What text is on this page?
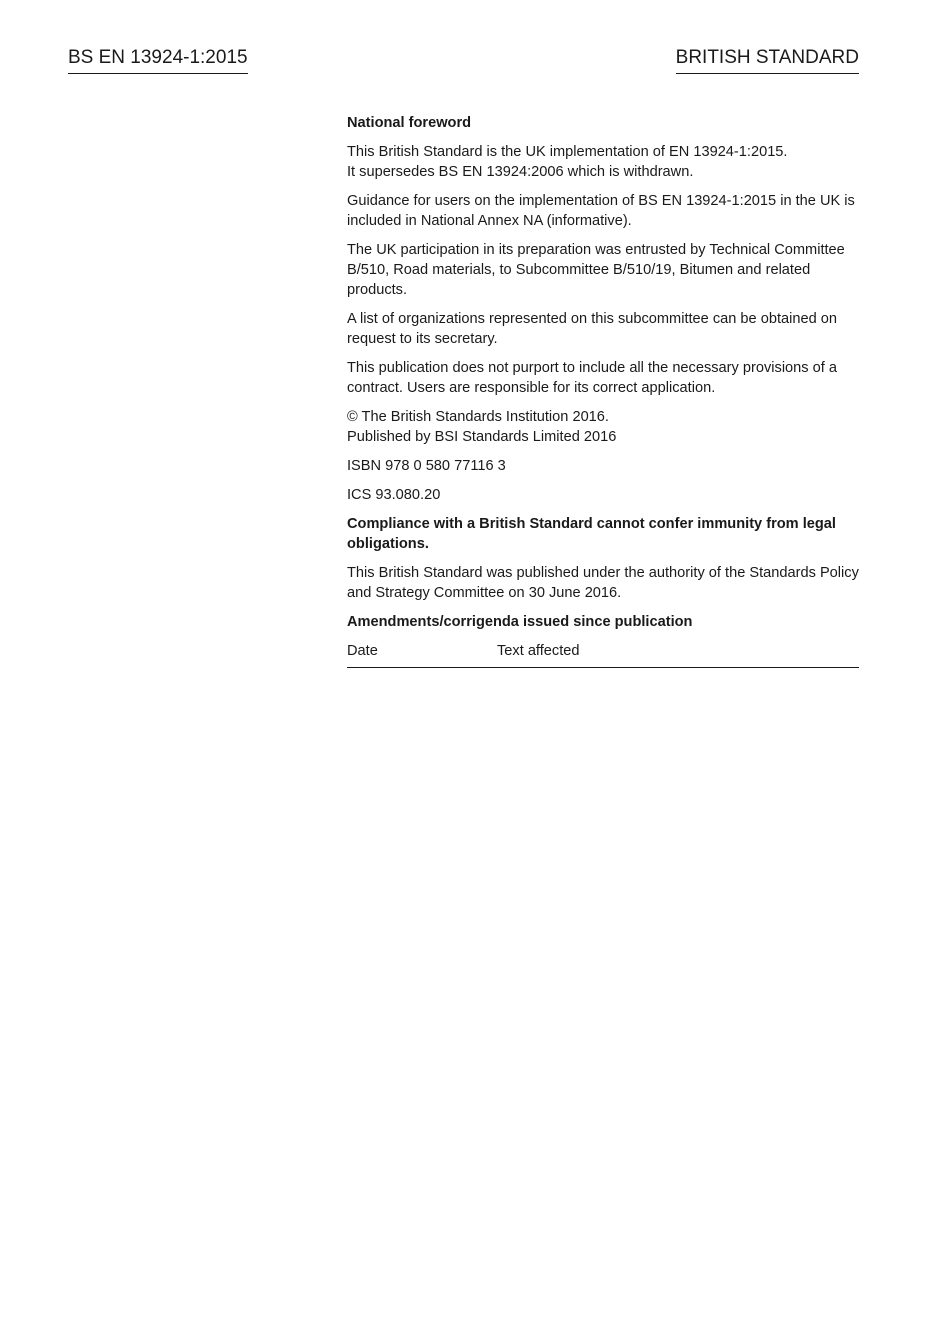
BS EN 13924-1:2015	BRITISH STANDARD

National foreword

This British Standard is the UK implementation of EN 13924-1:2015.
It supersedes BS EN 13924:2006 which is withdrawn.

Guidance for users on the implementation of BS EN 13924-1:2015 in the UK is included in National Annex NA (informative).

The UK participation in its preparation was entrusted by Technical Committee B/510, Road materials, to Subcommittee B/510/19, Bitumen and related products.

A list of organizations represented on this subcommittee can be obtained on request to its secretary.

This publication does not purport to include all the necessary provisions of a contract. Users are responsible for its correct application.

© The British Standards Institution 2016.
Published by BSI Standards Limited 2016

ISBN 978 0 580 77116 3

ICS 93.080.20

Compliance with a British Standard cannot confer immunity from legal obligations.

This British Standard was published under the authority of the Standards Policy and Strategy Committee on 30 June 2016.

Amendments/corrigenda issued since publication

Date	Text affected
